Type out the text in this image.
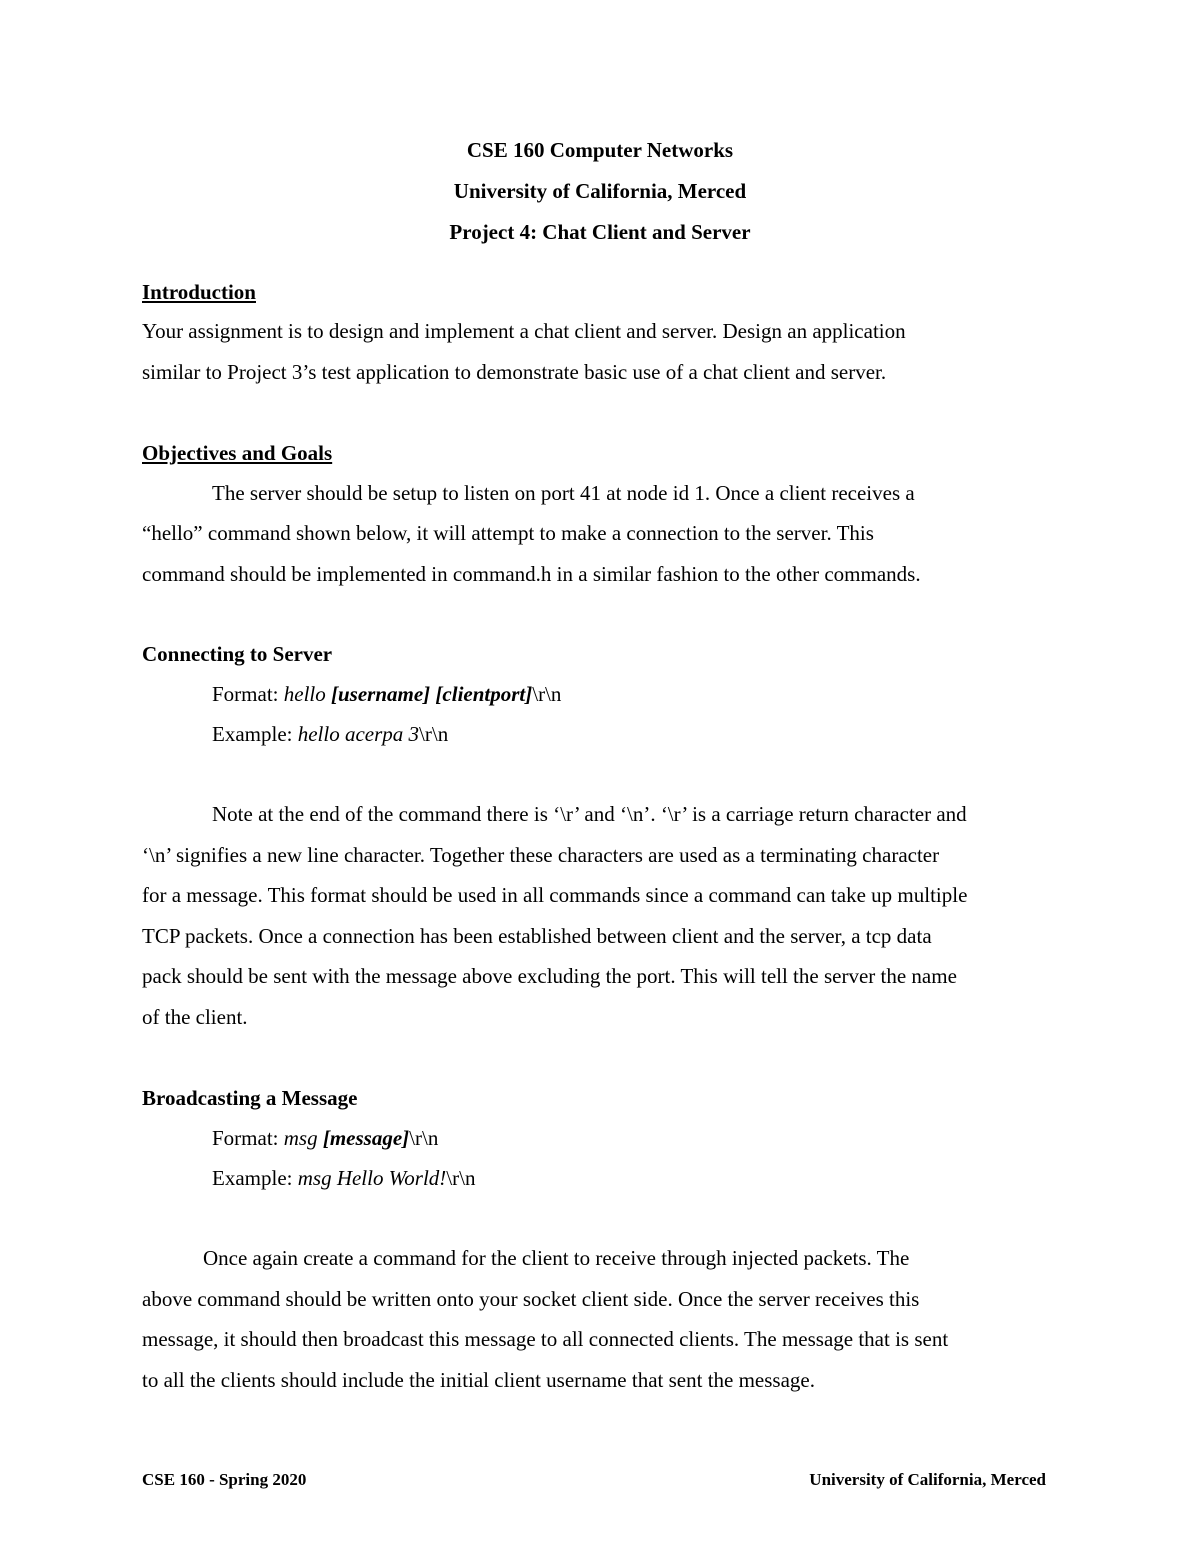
CSE 160 Computer Networks
University of California, Merced
Project 4: Chat Client and Server
Introduction
Your assignment is to design and implement a chat client and server. Design an application
similar to Project 3’s test application to demonstrate basic use of a chat client and server.
Objectives and Goals
The server should be setup to listen on port 41 at node id 1. Once a client receives a
“hello” command shown below, it will attempt to make a connection to the server. This
command should be implemented in command.h in a similar fashion to the other commands.
Connecting to Server
Format: hello [username] [clientport]\r\n
Example: hello acerpa 3\r\n
Note at the end of the command there is ‘\r’ and ‘\n’. ‘\r’ is a carriage return character and
‘\n’ signifies a new line character. Together these characters are used as a terminating character
for a message. This format should be used in all commands since a command can take up multiple
TCP packets. Once a connection has been established between client and the server, a tcp data
pack should be sent with the message above excluding the port. This will tell the server the name
of the client.
Broadcasting a Message
Format: msg [message]\r\n
Example: msg Hello World!\r\n
Once again create a command for the client to receive through injected packets. The
above command should be written onto your socket client side. Once the server receives this
message, it should then broadcast this message to all connected clients. The message that is sent
to all the clients should include the initial client username that sent the message.
CSE 160 - Spring 2020	University of California, Merced
